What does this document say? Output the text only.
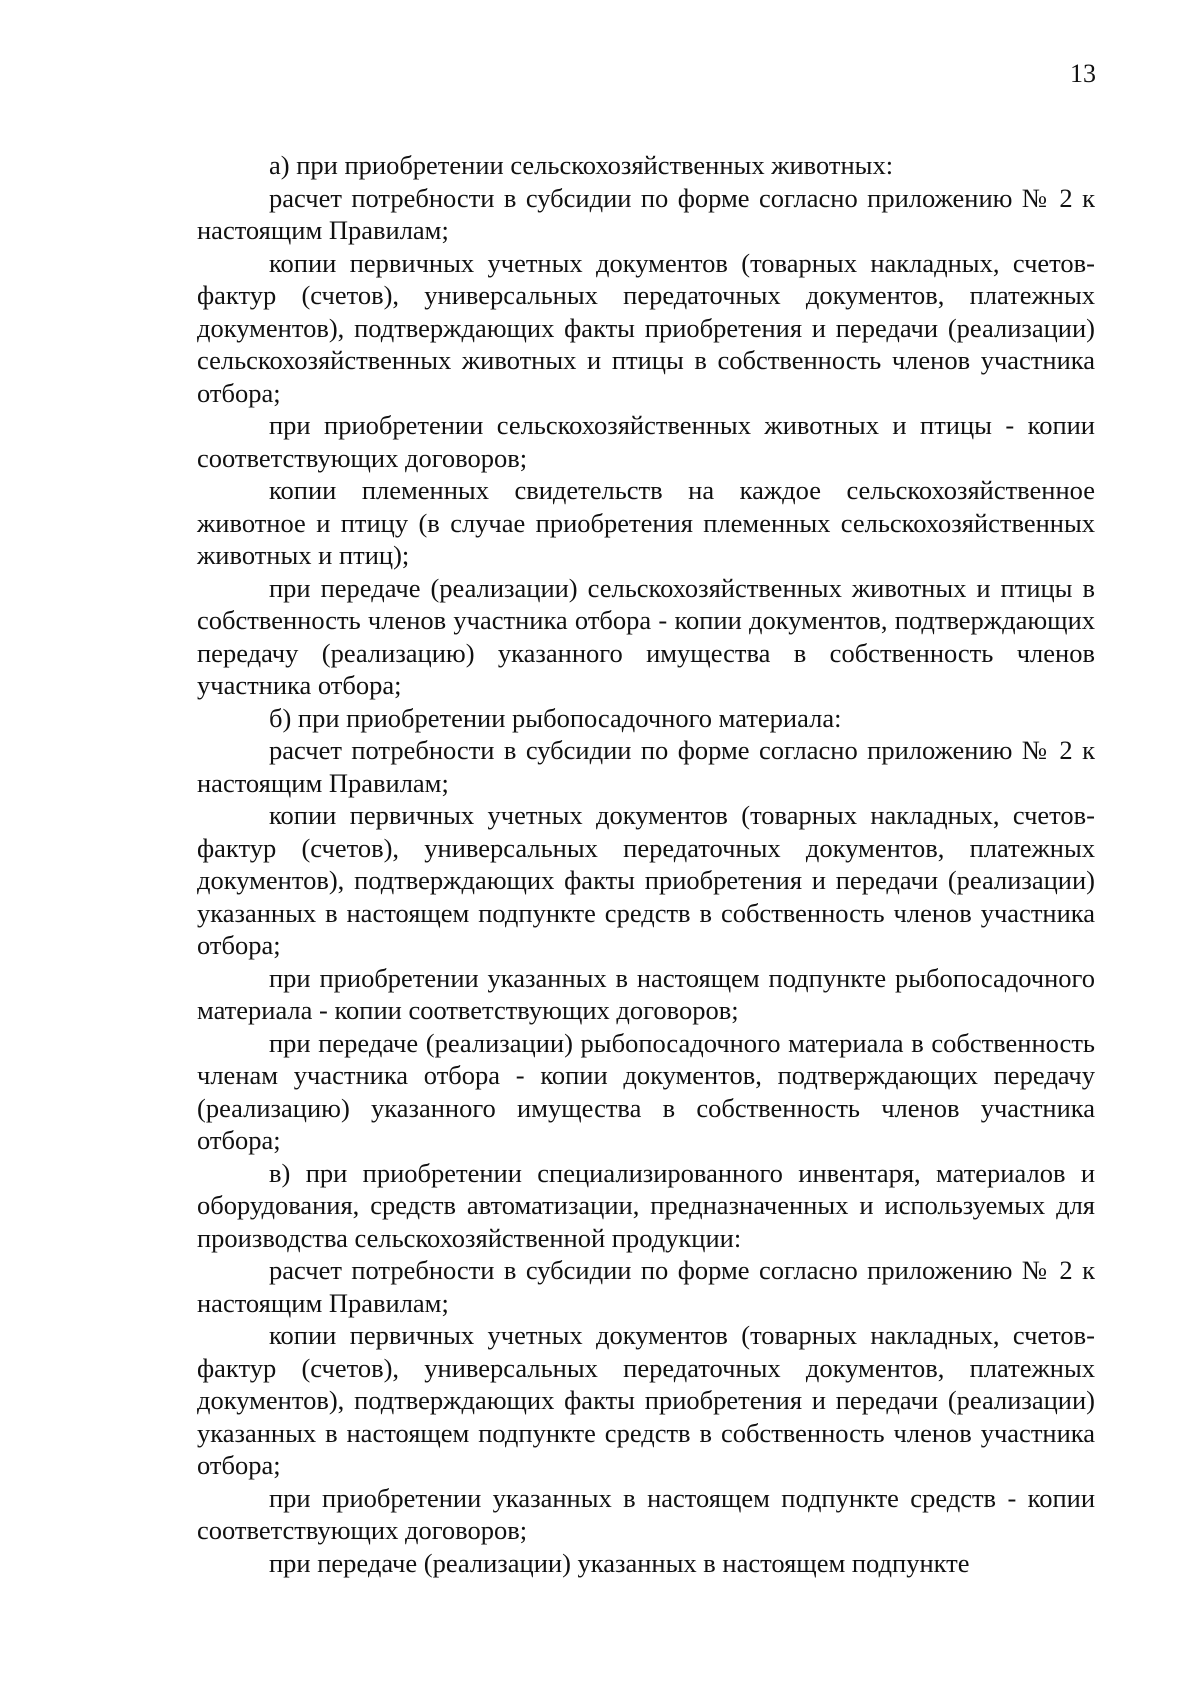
13

а) при приобретении сельскохозяйственных животных:

расчет потребности в субсидии по форме согласно приложению № 2 к настоящим Правилам;

копии первичных учетных документов (товарных накладных, счетов-фактур (счетов), универсальных передаточных документов, платежных документов), подтверждающих факты приобретения и передачи (реализации) сельскохозяйственных животных и птицы в собственность членов участника отбора;

при приобретении сельскохозяйственных животных и птицы - копии соответствующих договоров;

копии племенных свидетельств на каждое сельскохозяйственное животное и птицу (в случае приобретения племенных сельскохозяйственных животных и птиц);

при передаче (реализации) сельскохозяйственных животных и птицы в собственность членов участника отбора - копии документов, подтверждающих передачу (реализацию) указанного имущества в собственность членов участника отбора;

б) при приобретении рыбопосадочного материала:

расчет потребности в субсидии по форме согласно приложению № 2 к настоящим Правилам;

копии первичных учетных документов (товарных накладных, счетов-фактур (счетов), универсальных передаточных документов, платежных документов), подтверждающих факты приобретения и передачи (реализации) указанных в настоящем подпункте средств в собственность членов участника отбора;

при приобретении указанных в настоящем подпункте рыбопосадочного материала - копии соответствующих договоров;

при передаче (реализации) рыбопосадочного материала в собственность членам участника отбора - копии документов, подтверждающих передачу (реализацию) указанного имущества в собственность членов участника отбора;

в) при приобретении специализированного инвентаря, материалов и оборудования, средств автоматизации, предназначенных и используемых для производства сельскохозяйственной продукции:

расчет потребности в субсидии по форме согласно приложению № 2 к настоящим Правилам;

копии первичных учетных документов (товарных накладных, счетов-фактур (счетов), универсальных передаточных документов, платежных документов), подтверждающих факты приобретения и передачи (реализации) указанных в настоящем подпункте средств в собственность членов участника отбора;

при приобретении указанных в настоящем подпункте средств - копии соответствующих договоров;

при передаче (реализации) указанных в настоящем подпункте
